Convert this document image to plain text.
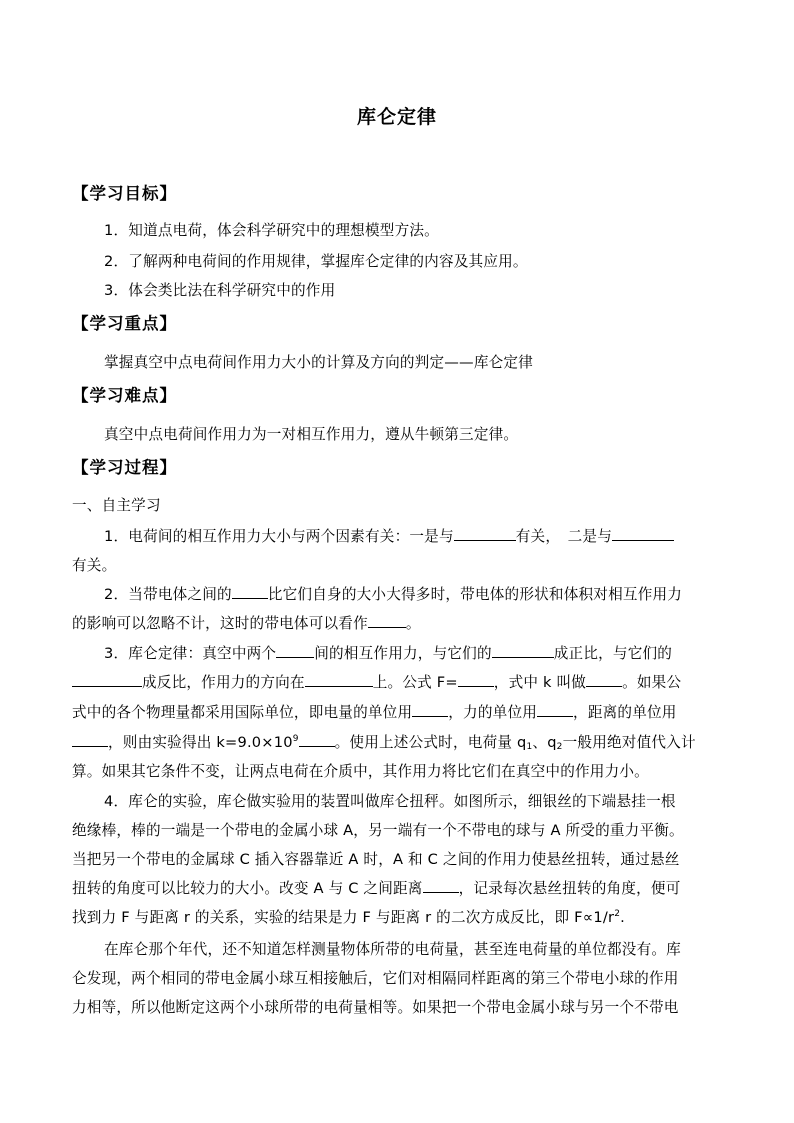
库仑定律
【学习目标】
1．知道点电荷，体会科学研究中的理想模型方法。
2．了解两种电荷间的作用规律，掌握库仑定律的内容及其应用。
3．体会类比法在科学研究中的作用
【学习重点】
掌握真空中点电荷间作用力大小的计算及方向的判定——库仑定律
【学习难点】
真空中点电荷间作用力为一对相互作用力，遵从牛顿第三定律。
【学习过程】
一、自主学习
1．电荷间的相互作用力大小与两个因素有关：一是与	有关，　二是与
有关。
2．当带电体之间的 比它们自身的大小大得多时，带电体的形状和体积对相互作用力
的影响可以忽略不计，这时的带电体可以看作	。
3．库仑定律：真空中两个	间的相互作用力，与它们的	成正比，与它们的
成反比，作用力的方向在	上。公式 F= ，式中 k 叫做 。如果公
式中的各个物理量都采用国际单位，即电量的单位用 ，力的单位用 ，距离的单位用
，则由实验得出 $k=9.0\times 10^9$ 。使用上述公式时，电荷量 $q_1$、$q_2$一般用绝对值代入计
算。如果其它条件不变，让两点电荷在介质中，其作用力将比它们在真空中的作用力小。
4．库仑的实验，库仑做实验用的装置叫做库仑扭秤。如图所示，细银丝的下端悬挂一根
绝缘棒，棒的一端是一个带电的金属小球 A，另一端有一个不带电的球与 A 所受的重力平衡。
当把另一个带电的金属球 C 插入容器靠近 A 时，A 和 C 之间的作用力使悬丝扭转，通过悬丝
扭转的角度可以比较力的大小。改变 A 与 C 之间距离 ，记录每次悬丝扭转的角度，便可
找到力 F 与距离 r 的关系，实验的结果是力 F 与距离 r 的二次方成反比，即 $F\propto 1/r^2$.
在库仑那个年代，还不知道怎样测量物体所带的电荷量，甚至连电荷量的单位都没有。库
仑发现，两个相同的带电金属小球互相接触后，它们对相隔同样距离的第三个带电小球的作用
力相等，所以他断定这两个小球所带的电荷量相等。如果把一个带电金属小球与另一个不带电
